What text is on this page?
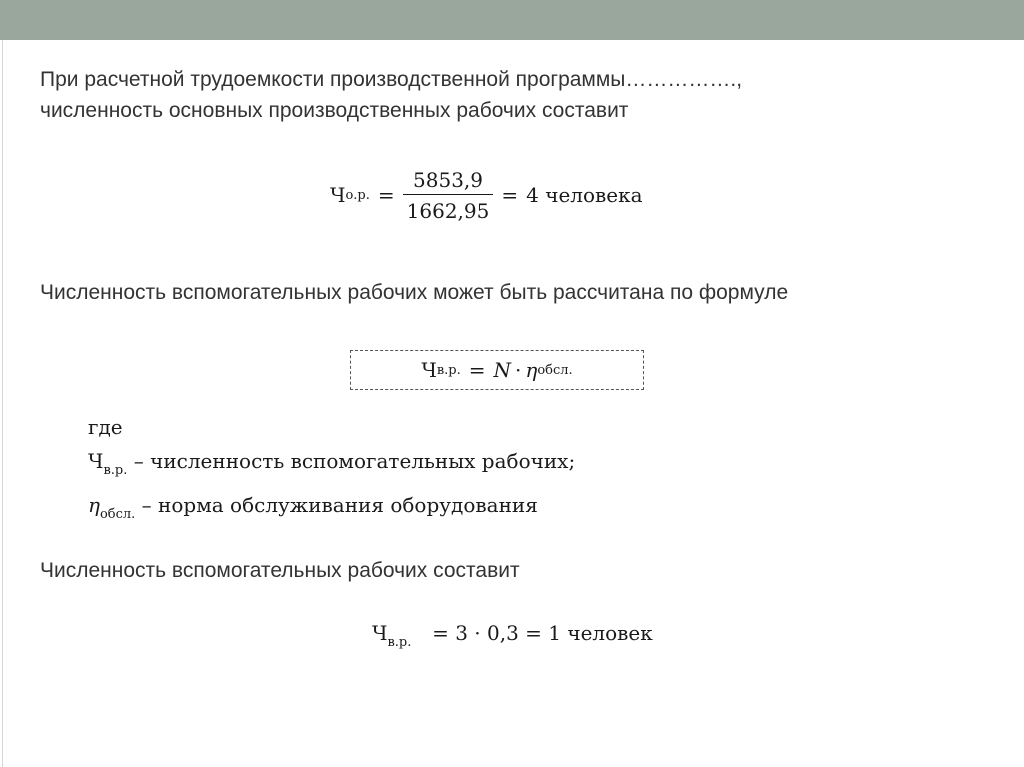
При расчетной трудоемкости производственной программы…………….,
численность основных производственных рабочих составит
Ч о.р. = $\frac{5853,9}{1662,95} = 4$ человека
Численность вспомогательных рабочих может быть рассчитана по формуле
Ч в.р. = N · η обсл.
где
$Ч_{в.р.}$ – численность вспомогательных рабочих;
$\eta_{обсл.}$ – норма обслуживания оборудования
Численность вспомогательных рабочих составит
$Ч_{в.р.} = 3 \cdot 0,3 = 1$ человек
